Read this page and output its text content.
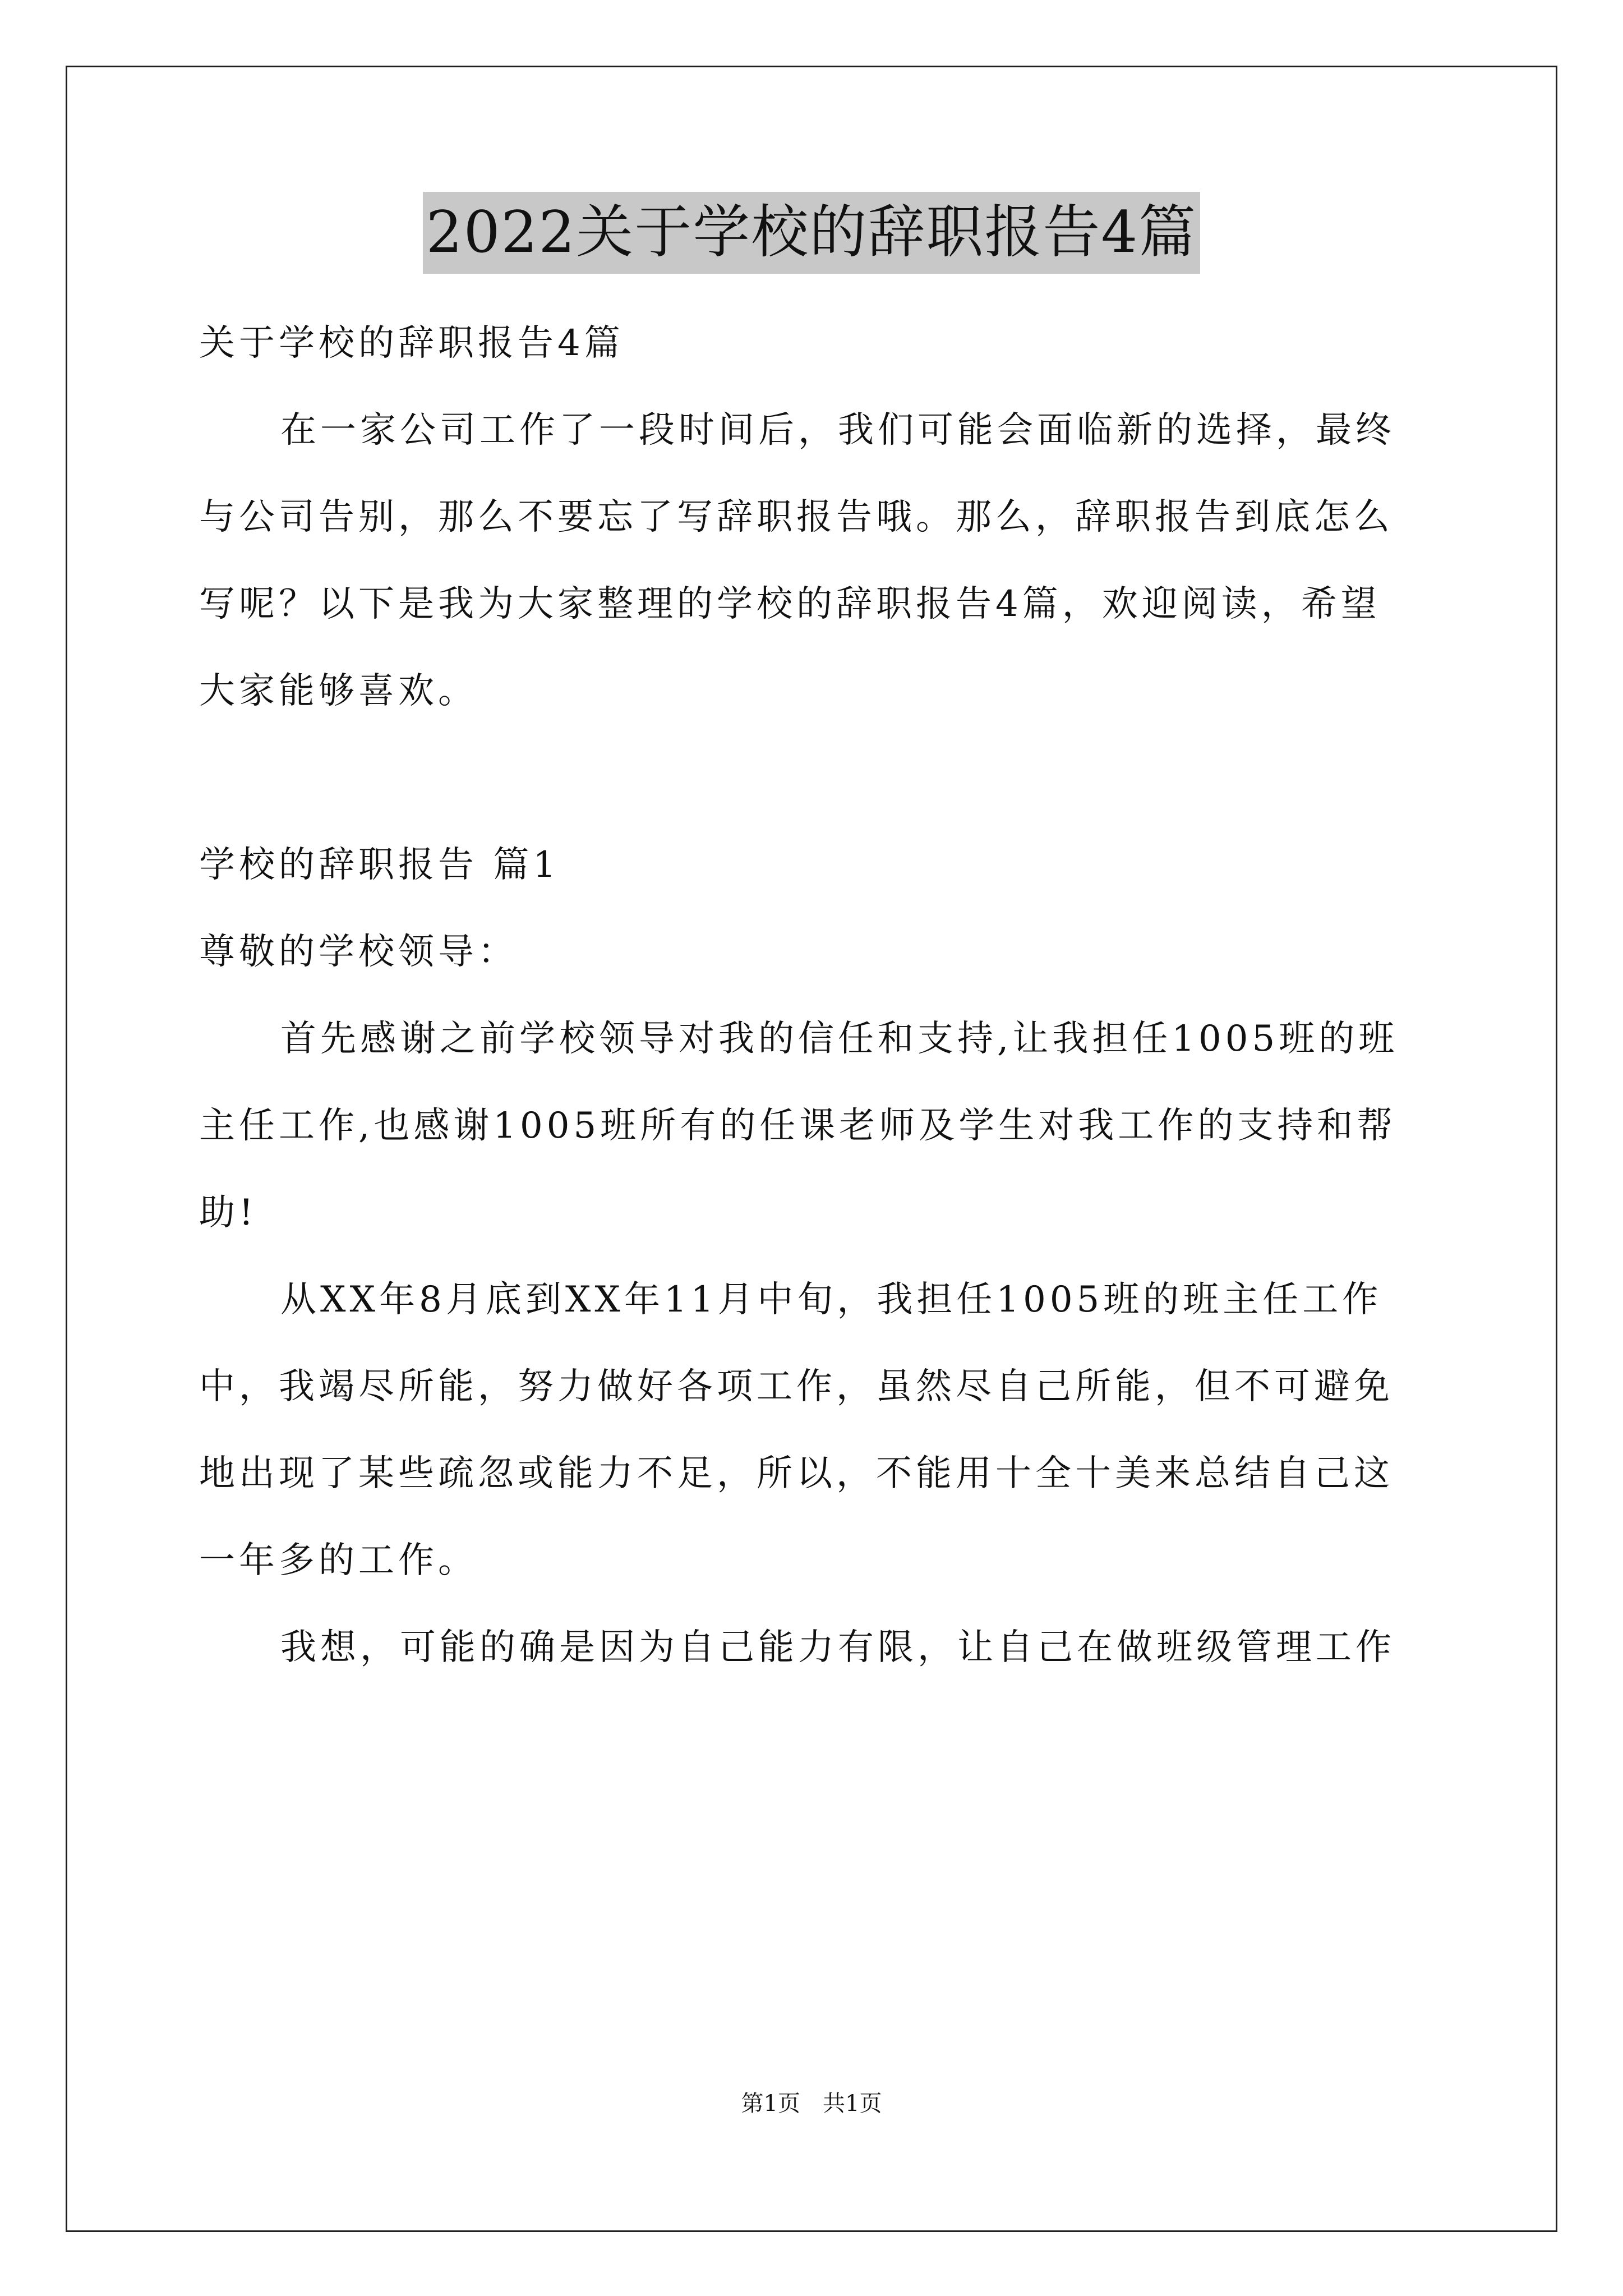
2022关于学校的辞职报告4篇
关于学校的辞职报告4篇
在一家公司工作了一段时间后，我们可能会面临新的选择，最终
与公司告别，那么不要忘了写辞职报告哦。那么，辞职报告到底怎么
写呢？以下是我为大家整理的学校的辞职报告4篇，欢迎阅读，希望
大家能够喜欢。
学校的辞职报告 篇1
尊敬的学校领导：
首先感谢之前学校领导对我的信任和支持,让我担任1005班的班
主任工作,也感谢1005班所有的任课老师及学生对我工作的支持和帮
助!
从XX年8月底到XX年11月中旬，我担任1005班的班主任工作
中，我竭尽所能，努力做好各项工作，虽然尽自己所能，但不可避免
地出现了某些疏忽或能力不足，所以，不能用十全十美来总结自己这
一年多的工作。
我想，可能的确是因为自己能力有限，让自己在做班级管理工作
第1页　共1页
